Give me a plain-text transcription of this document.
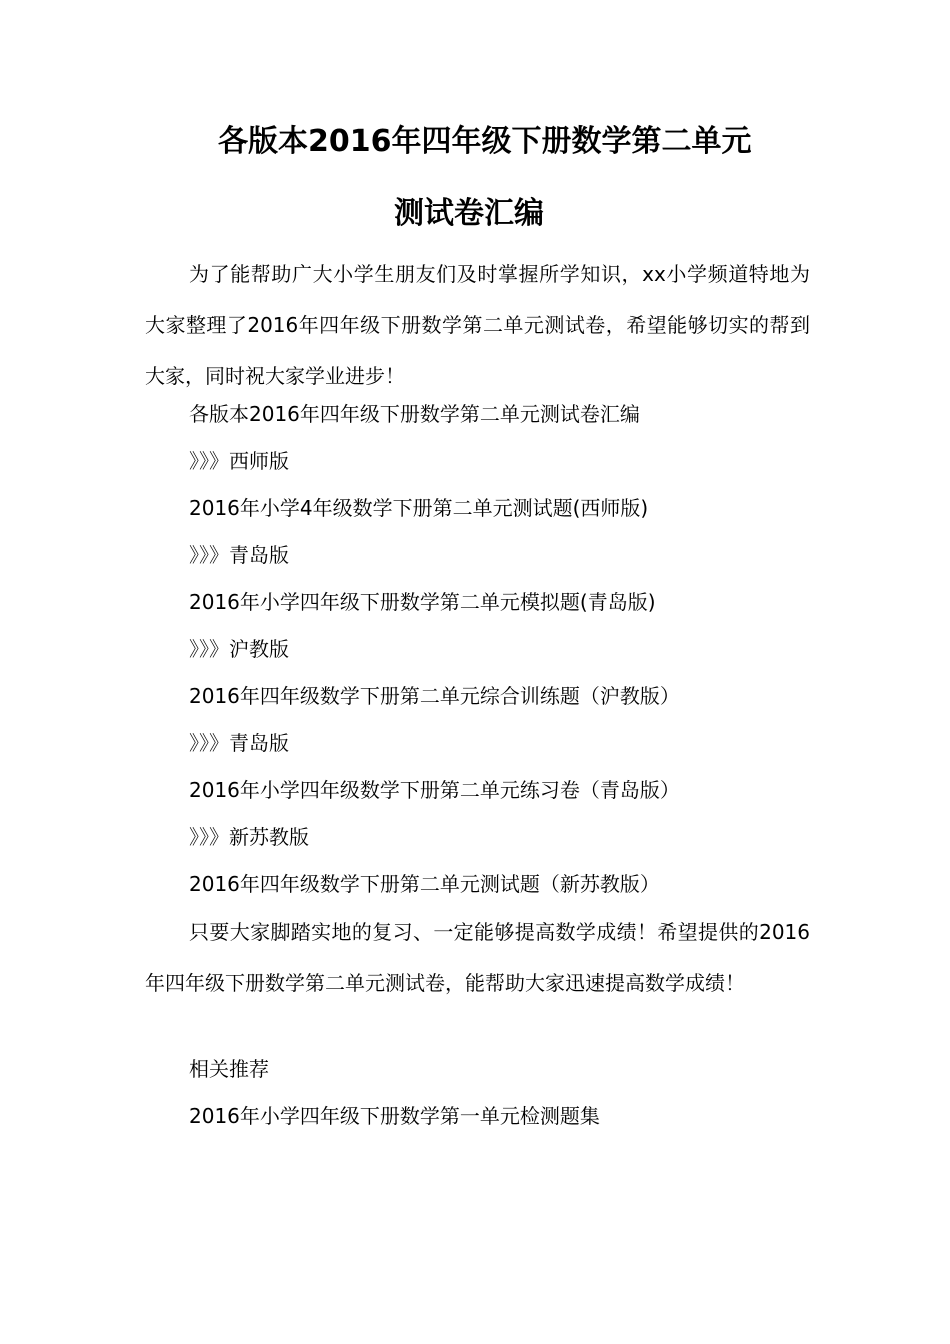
各版本2016年四年级下册数学第二单元
测试卷汇编

为了能帮助广大小学生朋友们及时掌握所学知识，xx小学频道特地为大家整理了2016年四年级下册数学第二单元测试卷，希望能够切实的帮到大家，同时祝大家学业进步！

各版本2016年四年级下册数学第二单元测试卷汇编
》》》西师版
2016年小学4年级数学下册第二单元测试题(西师版)
》》》青岛版
2016年小学四年级下册数学第二单元模拟题(青岛版)
》》》沪教版
2016年四年级数学下册第二单元综合训练题（沪教版）
》》》青岛版
2016年小学四年级数学下册第二单元练习卷（青岛版）
》》》新苏教版
2016年四年级数学下册第二单元测试题（新苏教版）

只要大家脚踏实地的复习、一定能够提高数学成绩！希望提供的2016年四年级下册数学第二单元测试卷，能帮助大家迅速提高数学成绩！

相关推荐
2016年小学四年级下册数学第一单元检测题集
